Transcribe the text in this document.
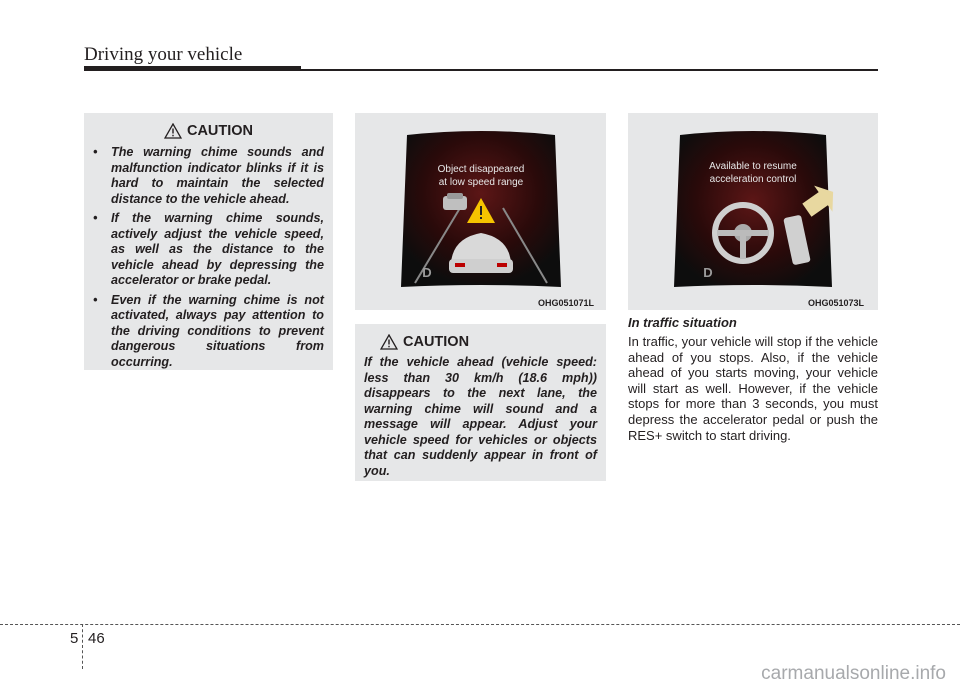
Driving your vehicle
CAUTION
• The warning chime sounds and malfunction indicator blinks if it is hard to maintain the selected distance to the vehicle ahead.
• If the warning chime sounds, actively adjust the vehicle speed, as well as the distance to the vehicle ahead by depressing the accelerator or brake pedal.
• Even if the warning chime is not activated, always pay attention to the driving conditions to prevent dangerous situations from occurring.
Object disappeared
at low speed range
D
OHG051071L
CAUTION

If the vehicle ahead (vehicle speed: less than 30 km/h (18.6 mph)) disappears to the next lane, the warning chime will sound and a message will appear. Adjust your vehicle speed for vehicles or objects that can suddenly appear in front of you.

Available to resume
acceleration control
D
OHG051073L
In traffic situation

In traffic, your vehicle will stop if the vehicle ahead of you stops. Also, if the vehicle ahead of you starts moving, your vehicle will start as well. However, if the vehicle stops for more than 3 seconds, you must depress the accelerator pedal or push the RES+ switch to start driving.

5 46
carmanualsonline.info
